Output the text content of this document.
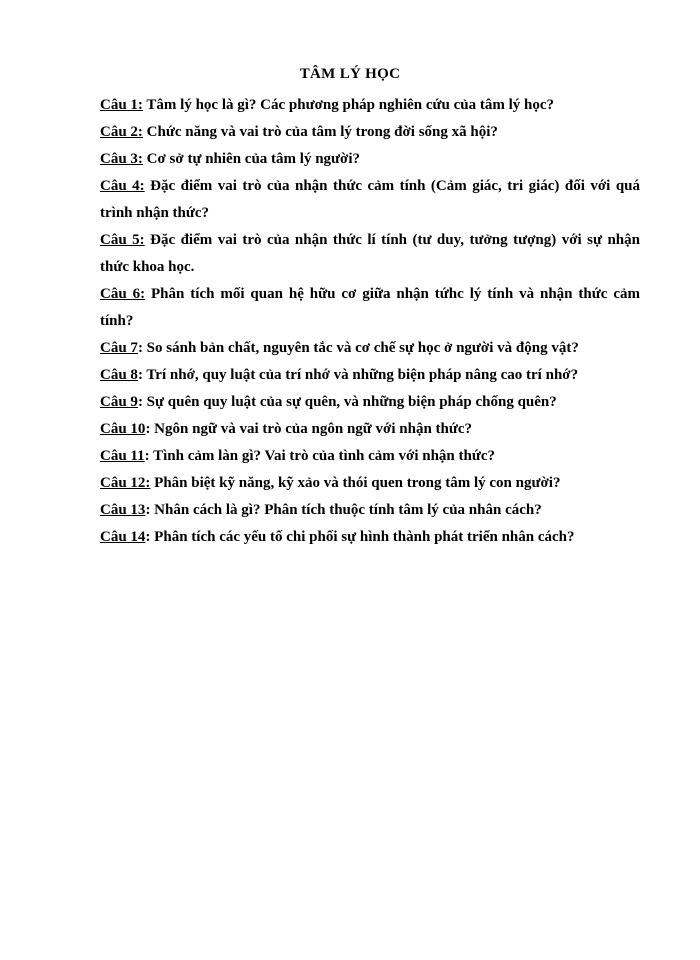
TÂM LÝ HỌC
Câu 1: Tâm lý học là gì? Các phương pháp nghiên cứu của tâm lý học?
Câu 2: Chức năng và vai trò của tâm lý trong đời sống xã hội?
Câu 3: Cơ sở tự nhiên của tâm lý người?
Câu 4: Đặc điểm vai trò của nhận thức cảm tính (Cảm giác, tri giác) đối với quá trình nhận thức?
Câu 5: Đặc điểm vai trò của nhận thức lí tính (tư duy, tưởng tượng) với sự nhận thức khoa học.
Câu 6: Phân tích mối quan hệ hữu cơ giữa nhận tứhc lý tính và nhận thức cảm tính?
Câu 7: So sánh bản chất, nguyên tắc và cơ chế sự học ở người và động vật?
Câu 8: Trí nhớ, quy luật của trí nhớ và những biện pháp nâng cao trí nhớ?
Câu 9: Sự quên quy luật của sự quên, và những biện pháp chống quên?
Câu 10: Ngôn ngữ và vai trò của ngôn ngữ với nhận thức?
Câu 11: Tình cảm làn gì? Vai trò của tình cảm với nhận thức?
Câu 12: Phân biệt kỹ năng, kỹ xảo và thói quen trong tâm lý con người?
Câu 13: Nhân cách là gì? Phân tích thuộc tính tâm lý của nhân cách?
Câu 14: Phân tích các yếu tố chi phối sự hình thành phát triển nhân cách?
